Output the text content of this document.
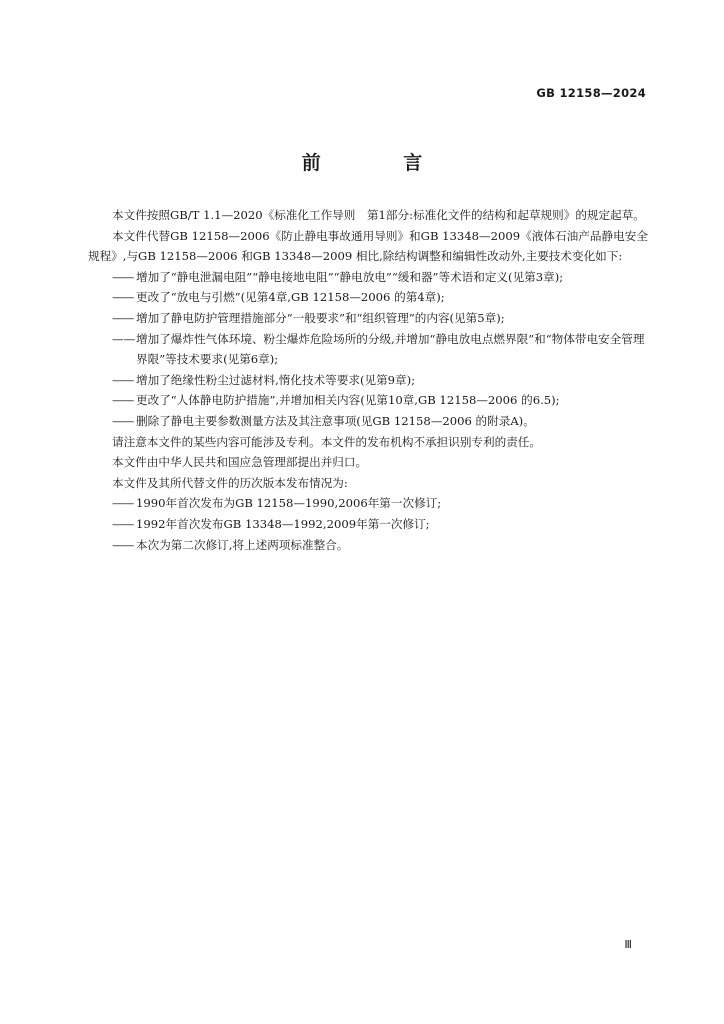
GB 12158—2024
前 言

本文件按照GB/T 1.1—2020《标准化工作导则　第1部分:标准化文件的结构和起草规则》的规定起草。

本文件代替GB 12158—2006《防止静电事故通用导则》和GB 13348—2009《液体石油产品静电安全规程》,与GB 12158—2006 和GB 13348—2009 相比,除结构调整和编辑性改动外,主要技术变化如下:

—— 增加了“静电泄漏电阻”“静电接地电阻”“静电放电”“缓和器”等术语和定义(见第3章);

—— 更改了“放电与引燃”(见第4章,GB 12158—2006 的第4章);

—— 增加了静电防护管理措施部分“一般要求”和“组织管理”的内容(见第5章);

——增加了爆炸性气体环境、粉尘爆炸危险场所的分级,并增加“静电放电点燃界限”和“物体带电安全管理界限”等技术要求(见第6章);

—— 增加了绝缘性粉尘过滤材料,惰化技术等要求(见第9章);

—— 更改了“人体静电防护措施”,并增加相关内容(见第10章,GB 12158—2006 的6.5);

—— 删除了静电主要参数测量方法及其注意事项(见GB 12158—2006 的附录A)。

请注意本文件的某些内容可能涉及专利。本文件的发布机构不承担识别专利的责任。

本文件由中华人民共和国应急管理部提出并归口。

本文件及其所代替文件的历次版本发布情况为:

—— 1990年首次发布为GB 12158—1990,2006年第一次修订;

—— 1992年首次发布GB 13348—1992,2009年第一次修订;

—— 本次为第二次修订,将上述两项标准整合。

Ⅲ
